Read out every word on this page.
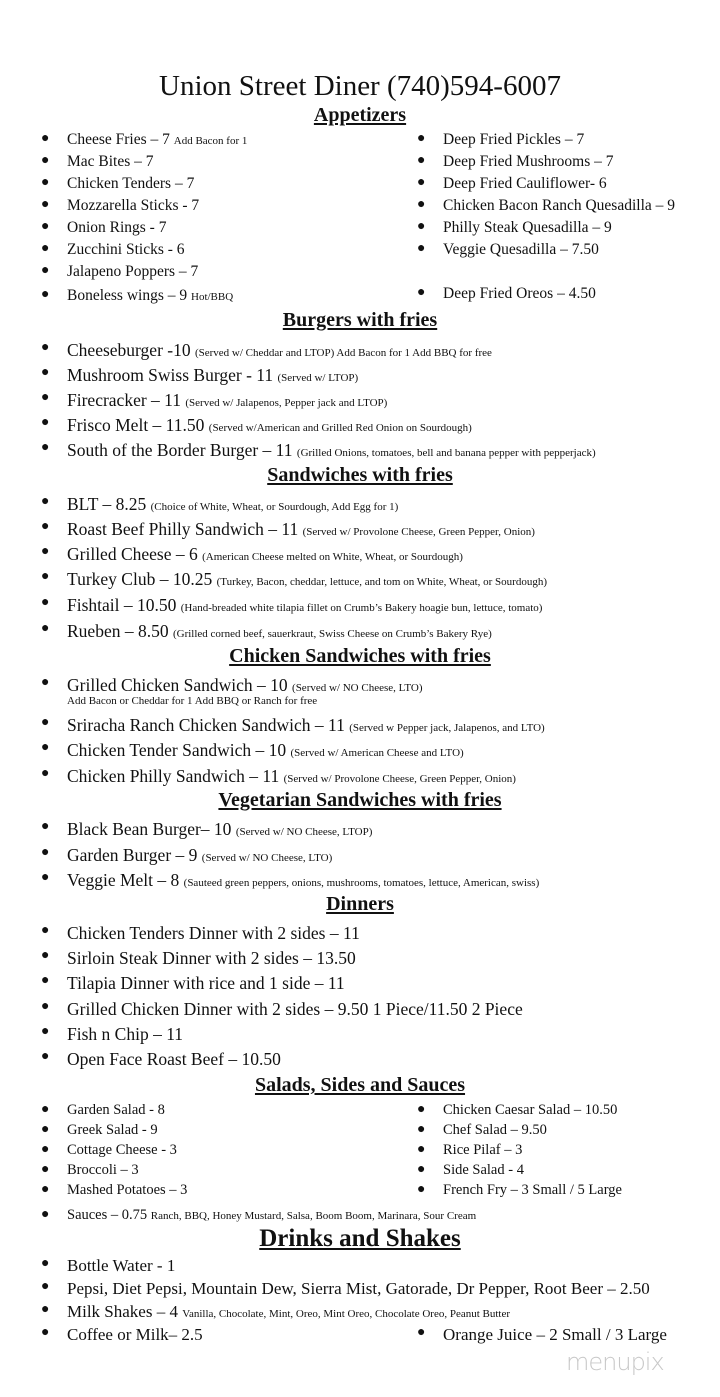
Union Street Diner (740)594-6007
Appetizers
● Cheese Fries – 7 Add Bacon for 1
● Mac Bites – 7
● Chicken Tenders – 7
● Mozzarella Sticks - 7
● Onion Rings - 7
● Zucchini Sticks - 6
● Jalapeno Poppers – 7
● Boneless wings – 9 Hot/BBQ
● Deep Fried Pickles – 7
● Deep Fried Mushrooms – 7
● Deep Fried Cauliflower- 6
● Chicken Bacon Ranch Quesadilla – 9
● Philly Steak Quesadilla – 9
● Veggie Quesadilla – 7.50
● Deep Fried Oreos – 4.50
Burgers with fries
● Cheeseburger -10 (Served w/ Cheddar and LTOP) Add Bacon for 1 Add BBQ for free
● Mushroom Swiss Burger - 11 (Served w/ LTOP)
● Firecracker – 11 (Served w/ Jalapenos, Pepper jack and LTOP)
● Frisco Melt – 11.50 (Served w/American and Grilled Red Onion on Sourdough)
● South of the Border Burger – 11 (Grilled Onions, tomatoes, bell and banana pepper with pepperjack)
Sandwiches with fries
● BLT – 8.25 (Choice of White, Wheat, or Sourdough, Add Egg for 1)
● Roast Beef Philly Sandwich – 11 (Served w/ Provolone Cheese, Green Pepper, Onion)
● Grilled Cheese – 6 (American Cheese melted on White, Wheat, or Sourdough)
● Turkey Club – 10.25 (Turkey, Bacon, cheddar, lettuce, and tom on White, Wheat, or Sourdough)
● Fishtail – 10.50 (Hand-breaded white tilapia fillet on Crumb’s Bakery hoagie bun, lettuce, tomato)
● Rueben – 8.50 (Grilled corned beef, sauerkraut, Swiss Cheese on Crumb’s Bakery Rye)
Chicken Sandwiches with fries
● Grilled Chicken Sandwich – 10 (Served w/ NO Cheese, LTO)
Add Bacon or Cheddar for 1 Add BBQ or Ranch for free
● Sriracha Ranch Chicken Sandwich – 11 (Served w Pepper jack, Jalapenos, and LTO)
● Chicken Tender Sandwich – 10 (Served w/ American Cheese and LTO)
● Chicken Philly Sandwich – 11 (Served w/ Provolone Cheese, Green Pepper, Onion)
Vegetarian Sandwiches with fries
● Black Bean Burger– 10 (Served w/ NO Cheese, LTOP)
● Garden Burger – 9 (Served w/ NO Cheese, LTO)
● Veggie Melt – 8 (Sauteed green peppers, onions, mushrooms, tomatoes, lettuce, American, swiss)
Dinners
● Chicken Tenders Dinner with 2 sides – 11
● Sirloin Steak Dinner with 2 sides – 13.50
● Tilapia Dinner with rice and 1 side – 11
● Grilled Chicken Dinner with 2 sides – 9.50 1 Piece/11.50 2 Piece
● Fish n Chip – 11
● Open Face Roast Beef – 10.50
Salads, Sides and Sauces
● Garden Salad - 8
● Greek Salad - 9
● Cottage Cheese - 3
● Broccoli – 3
● Mashed Potatoes – 3
● Chicken Caesar Salad – 10.50
● Chef Salad – 9.50
● Rice Pilaf – 3
● Side Salad - 4
● French Fry – 3 Small / 5 Large
● Sauces – 0.75 Ranch, BBQ, Honey Mustard, Salsa, Boom Boom, Marinara, Sour Cream
Drinks and Shakes
● Orange Juice – 2 Small / 3 Large
● Bottle Water - 1
● Pepsi, Diet Pepsi, Mountain Dew, Sierra Mist, Gatorade, Dr Pepper, Root Beer – 2.50
● Milk Shakes – 4 Vanilla, Chocolate, Mint, Oreo, Mint Oreo, Chocolate Oreo, Peanut Butter
● Coffee or Milk– 2.5
menupix
